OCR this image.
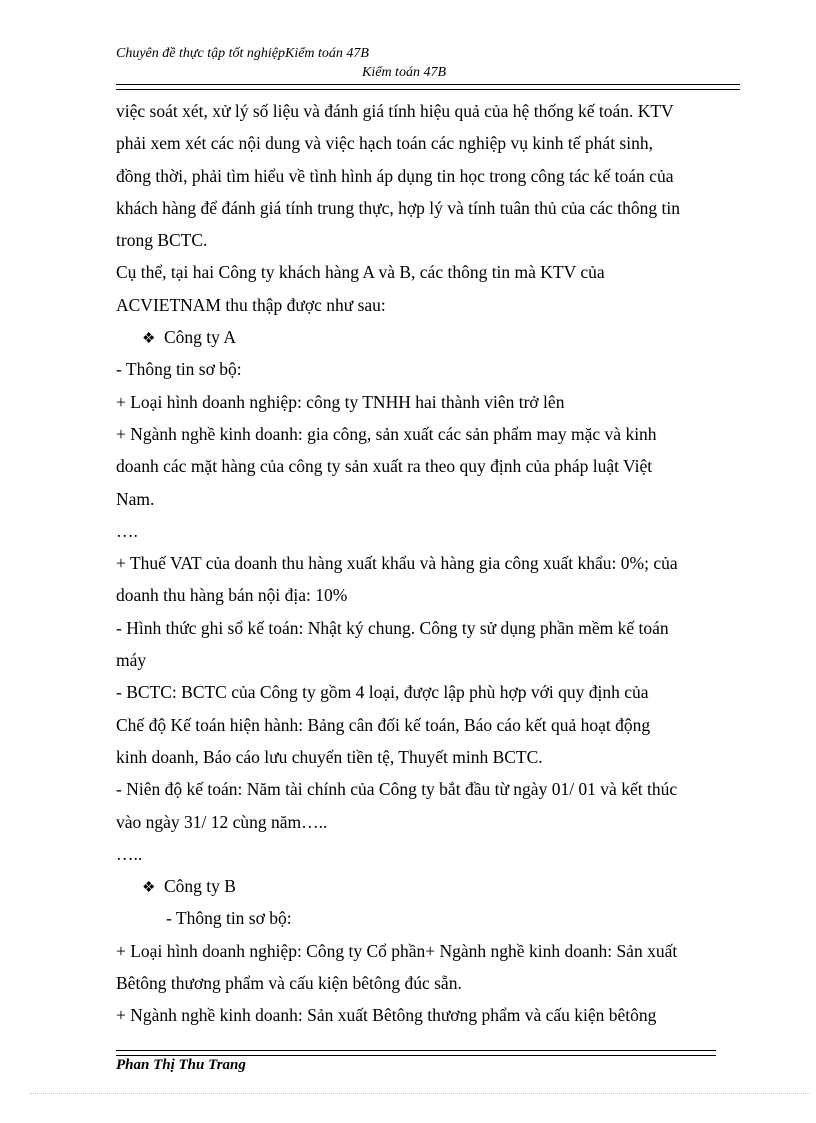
Chuyên đề thực tập tốt nghiệpKiểm toán 47B
Kiểm toán 47B
việc soát xét, xử lý số liệu và đánh giá tính hiệu quả của hệ thống kế toán. KTV
phải xem xét các nội dung và việc hạch toán các nghiệp vụ kinh tế phát sinh,
đồng thời, phải tìm hiểu về tình hình áp dụng tin học trong công tác kế toán của
khách hàng để đánh giá tính trung thực, hợp lý và tính tuân thủ của các thông tin
trong BCTC.
Cụ thể, tại hai Công ty khách hàng A và B, các thông tin mà KTV của
ACVIETNAM thu thập được như sau:
❖ Công ty A
- Thông tin sơ bộ:
+ Loại hình doanh nghiệp: công ty TNHH hai thành viên trở lên
+ Ngành nghề kinh doanh: gia công, sản xuất các sản phẩm may mặc và kinh
doanh các mặt hàng của công ty sản xuất ra theo quy định của pháp luật Việt
Nam.
….
+ Thuế VAT của doanh thu hàng xuất khẩu và hàng gia công xuất khẩu: 0%; của
doanh thu hàng bán nội địa: 10%
- Hình thức ghi sổ kế toán: Nhật ký chung. Công ty sử dụng phần mềm kế toán
máy
- BCTC: BCTC của Công ty gồm 4 loại, được lập phù hợp với quy định của
Chế độ Kế toán hiện hành: Bảng cân đối kế toán, Báo cáo kết quả hoạt động
kinh doanh, Báo cáo lưu chuyển tiền tệ, Thuyết minh BCTC.
- Niên độ kế toán: Năm tài chính của Công ty bắt đầu từ ngày 01/ 01 và kết thúc
vào ngày 31/ 12 cùng năm…..
…..
❖ Công ty B
- Thông tin sơ bộ:
+ Loại hình doanh nghiệp: Công ty Cổ phần+ Ngành nghề kinh doanh: Sản xuất
Bêtông thương phẩm và cấu kiện bêtông đúc sẵn.
+ Ngành nghề kinh doanh: Sản xuất Bêtông thương phẩm và cấu kiện bêtông
Phan Thị Thu Trang
